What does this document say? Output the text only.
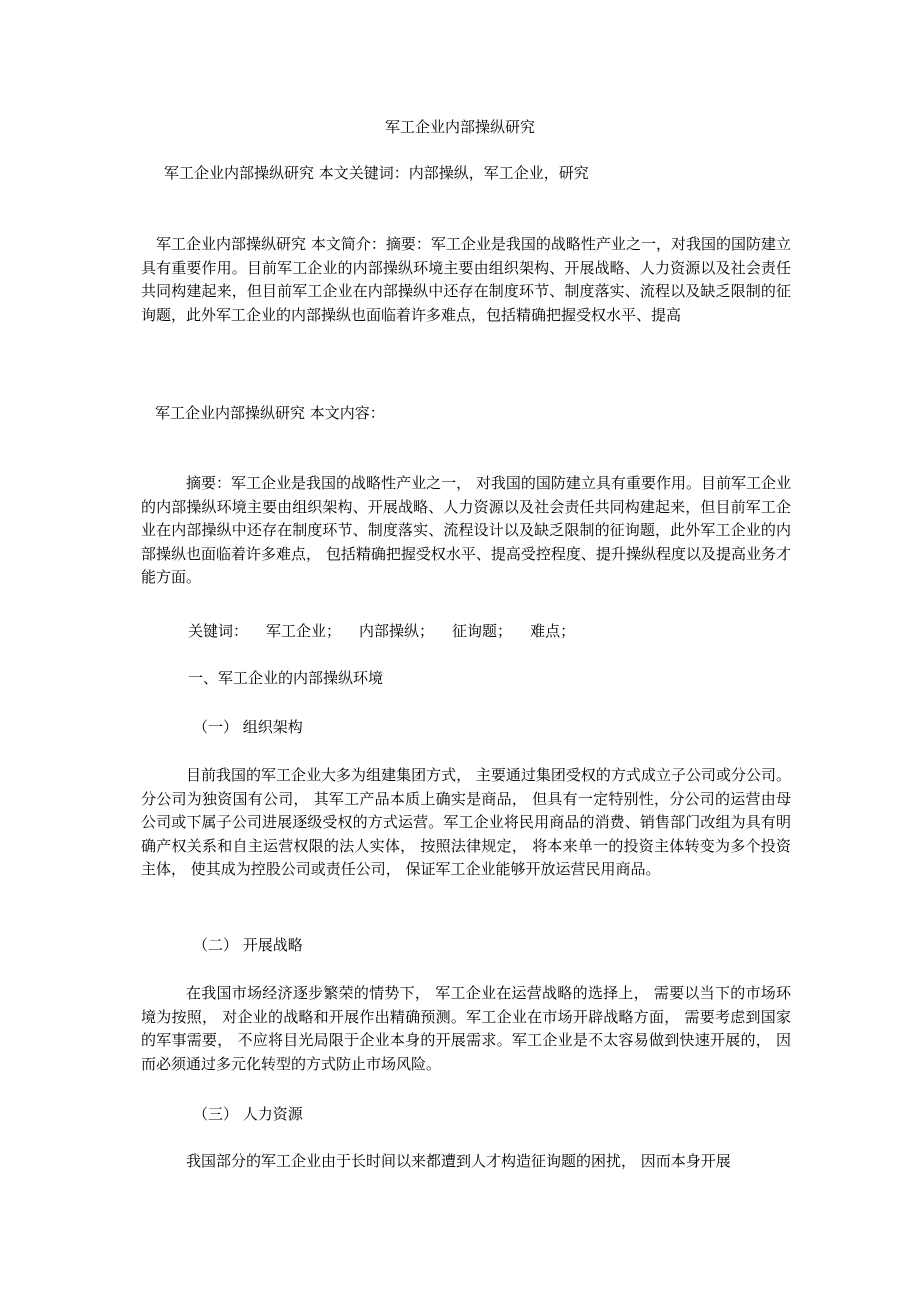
军工企业内部操纵研究
军工企业内部操纵研究 本文关键词：内部操纵，军工企业，研究
军工企业内部操纵研究 本文简介：摘要：军工企业是我国的战略性产业之一，对我国的国防建立具有重要作用。目前军工企业的内部操纵环境主要由组织架构、开展战略、人力资源以及社会责任共同构建起来，但目前军工企业在内部操纵中还存在制度环节、制度落实、流程以及缺乏限制的征询题，此外军工企业的内部操纵也面临着许多难点，包括精确把握受权水平、提高
军工企业内部操纵研究 本文内容：
摘要：军工企业是我国的战略性产业之一， 对我国的国防建立具有重要作用。目前军工企业的内部操纵环境主要由组织架构、开展战略、人力资源以及社会责任共同构建起来，但目前军工企业在内部操纵中还存在制度环节、制度落实、流程设计以及缺乏限制的征询题，此外军工企业的内部操纵也面临着许多难点， 包括精确把握受权水平、提高受控程度、提升操纵程度以及提高业务才能方面。
关键词： 军工企业； 内部操纵； 征询题； 难点；
一、军工企业的内部操纵环境
（一） 组织架构
目前我国的军工企业大多为组建集团方式， 主要通过集团受权的方式成立子公司或分公司。分公司为独资国有公司， 其军工产品本质上确实是商品， 但具有一定特别性，分公司的运营由母公司或下属子公司进展逐级受权的方式运营。军工企业将民用商品的消费、销售部门改组为具有明确产权关系和自主运营权限的法人实体， 按照法律规定， 将本来单一的投资主体转变为多个投资主体， 使其成为控股公司或责任公司， 保证军工企业能够开放运营民用商品。
（二） 开展战略
在我国市场经济逐步繁荣的情势下， 军工企业在运营战略的选择上， 需要以当下的市场环境为按照， 对企业的战略和开展作出精确预测。军工企业在市场开辟战略方面， 需要考虑到国家的军事需要， 不应将目光局限于企业本身的开展需求。军工企业是不太容易做到快速开展的， 因而必须通过多元化转型的方式防止市场风险。
（三） 人力资源
我国部分的军工企业由于长时间以来都遭到人才构造征询题的困扰， 因而本身开展
